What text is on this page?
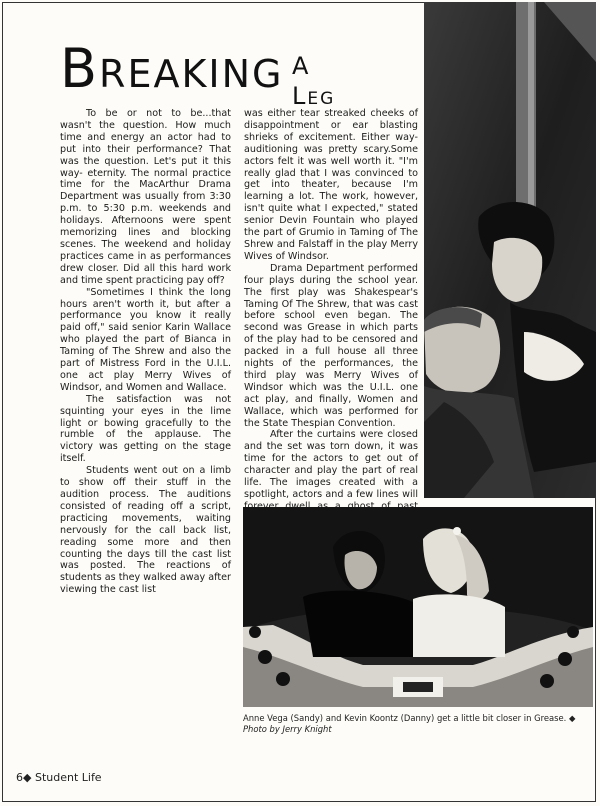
Breaking A
Leg

To be or not to be...that wasn't the question. How much time and energy an actor had to put into their performance? That was the question. Let's put it this way- eternity. The normal practice time for the MacArthur Drama Department was usually from 3:30 p.m. to 5:30 p.m. weekends and holidays. Afternoons were spent memorizing lines and blocking scenes. The weekend and holiday practices came in as performances drew closer. Did all this hard work and time spent practicing pay off?

"Sometimes I think the long hours aren't worth it, but after a performance you know it really paid off," said senior Karin Wallace who played the part of Bianca in Taming of The Shrew and also the part of Mistress Ford in the U.I.L. one act play Merry Wives of Windsor, and Women and Wallace.

The satisfaction was not squinting your eyes in the lime light or bowing gracefully to the rumble of the applause. The victory was getting on the stage itself.

Students went out on a limb to show off their stuff in the audition process. The auditions consisted of reading off a script, practicing movements, waiting nervously for the call back list, reading some more and then counting the days till the cast list was posted. The reactions of students as they walked away after viewing the cast list

was either tear streaked cheeks of disappointment or ear blasting shrieks of excitement. Either way- auditioning was pretty scary.Some actors felt it was well worth it. "I'm really glad that I was convinced to get into theater, because I'm learning a lot. The work, however, isn't quite what I expected," stated senior Devin Fountain who played the part of Grumio in Taming of The Shrew and Falstaff in the play Merry Wives of Windsor.

Drama Department performed four plays during the school year. The first play was Shakespear's Taming Of The Shrew, that was cast before school even began. The second was Grease in which parts of the play had to be censored and packed in a full house all three nights of the performances, the third play was Merry Wives of Windsor which was the U.I.L. one act play, and finally, Women and Wallace, which was performed for the State Thespian Convention.

After the curtains were closed and the set was torn down, it was time for the actors to get out of character and play the part of real life. The images created with a spotlight, actors and a few lines will

Anne Vega (Sandy) and Kevin Koontz (Danny) get a little bit closer in Grease. ◆ Photo by Jerry Knight
6◆ Student Life
